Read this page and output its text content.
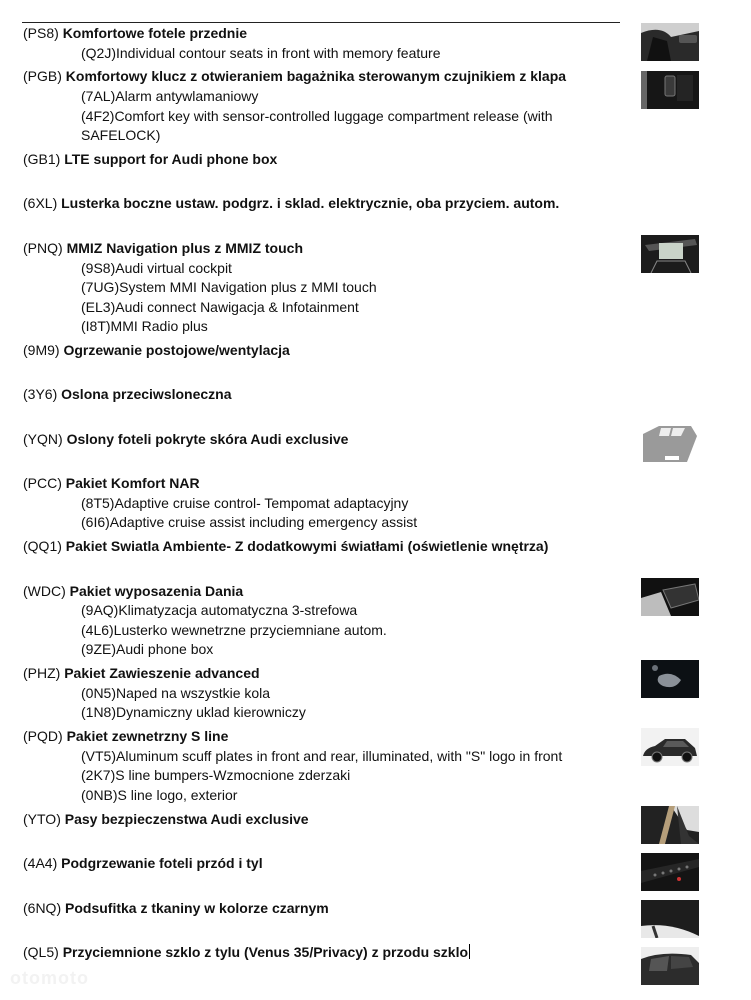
(PS8) Komfortowe fotele przednie
(Q2J)Individual contour seats in front with memory feature
(PGB) Komfortowy klucz z otwieraniem bagażnika sterowanym czujnikiem z klapa
(7AL)Alarm antywlamaniowy
(4F2)Comfort key with sensor-controlled luggage compartment release (with
SAFELOCK)
(GB1) LTE support for Audi phone box
(6XL) Lusterka boczne ustaw. podgrz. i sklad. elektrycznie, oba przyciem. autom.
(PNQ) MMIZ Navigation plus z MMIZ touch
(9S8)Audi virtual cockpit
(7UG)System MMI Navigation plus z MMI touch
(EL3)Audi connect Nawigacja & Infotainment
(I8T)MMI Radio plus
(9M9) Ogrzewanie postojowe/wentylacja
(3Y6) Oslona przeciwsloneczna
(YQN) Oslony foteli pokryte skóra Audi exclusive
(PCC) Pakiet Komfort NAR
(8T5)Adaptive cruise control- Tempomat adaptacyjny
(6I6)Adaptive cruise assist including emergency assist
(QQ1) Pakiet Swiatla Ambiente- Z dodatkowymi światłami (oświetlenie wnętrza)
(WDC) Pakiet wyposazenia Dania
(9AQ)Klimatyzacja automatyczna 3-strefowa
(4L6)Lusterko wewnetrzne przyciemniane autom.
(9ZE)Audi phone box
(PHZ) Pakiet Zawieszenie advanced
(0N5)Naped na wszystkie kola
(1N8)Dynamiczny uklad kierowniczy
(PQD) Pakiet zewnetrzny S line
(VT5)Aluminum scuff plates in front and rear, illuminated, with "S" logo in front
(2K7)S line bumpers-Wzmocnione zderzaki
(0NB)S line logo, exterior
(YTO) Pasy bezpieczenstwa Audi exclusive
(4A4) Podgrzewanie foteli przód i tyl
(6NQ) Podsufitka z tkaniny w kolorze czarnym
(QL5) Przyciemnione szklo z tylu (Venus 35/Privacy) z przodu szklo
otomoto
